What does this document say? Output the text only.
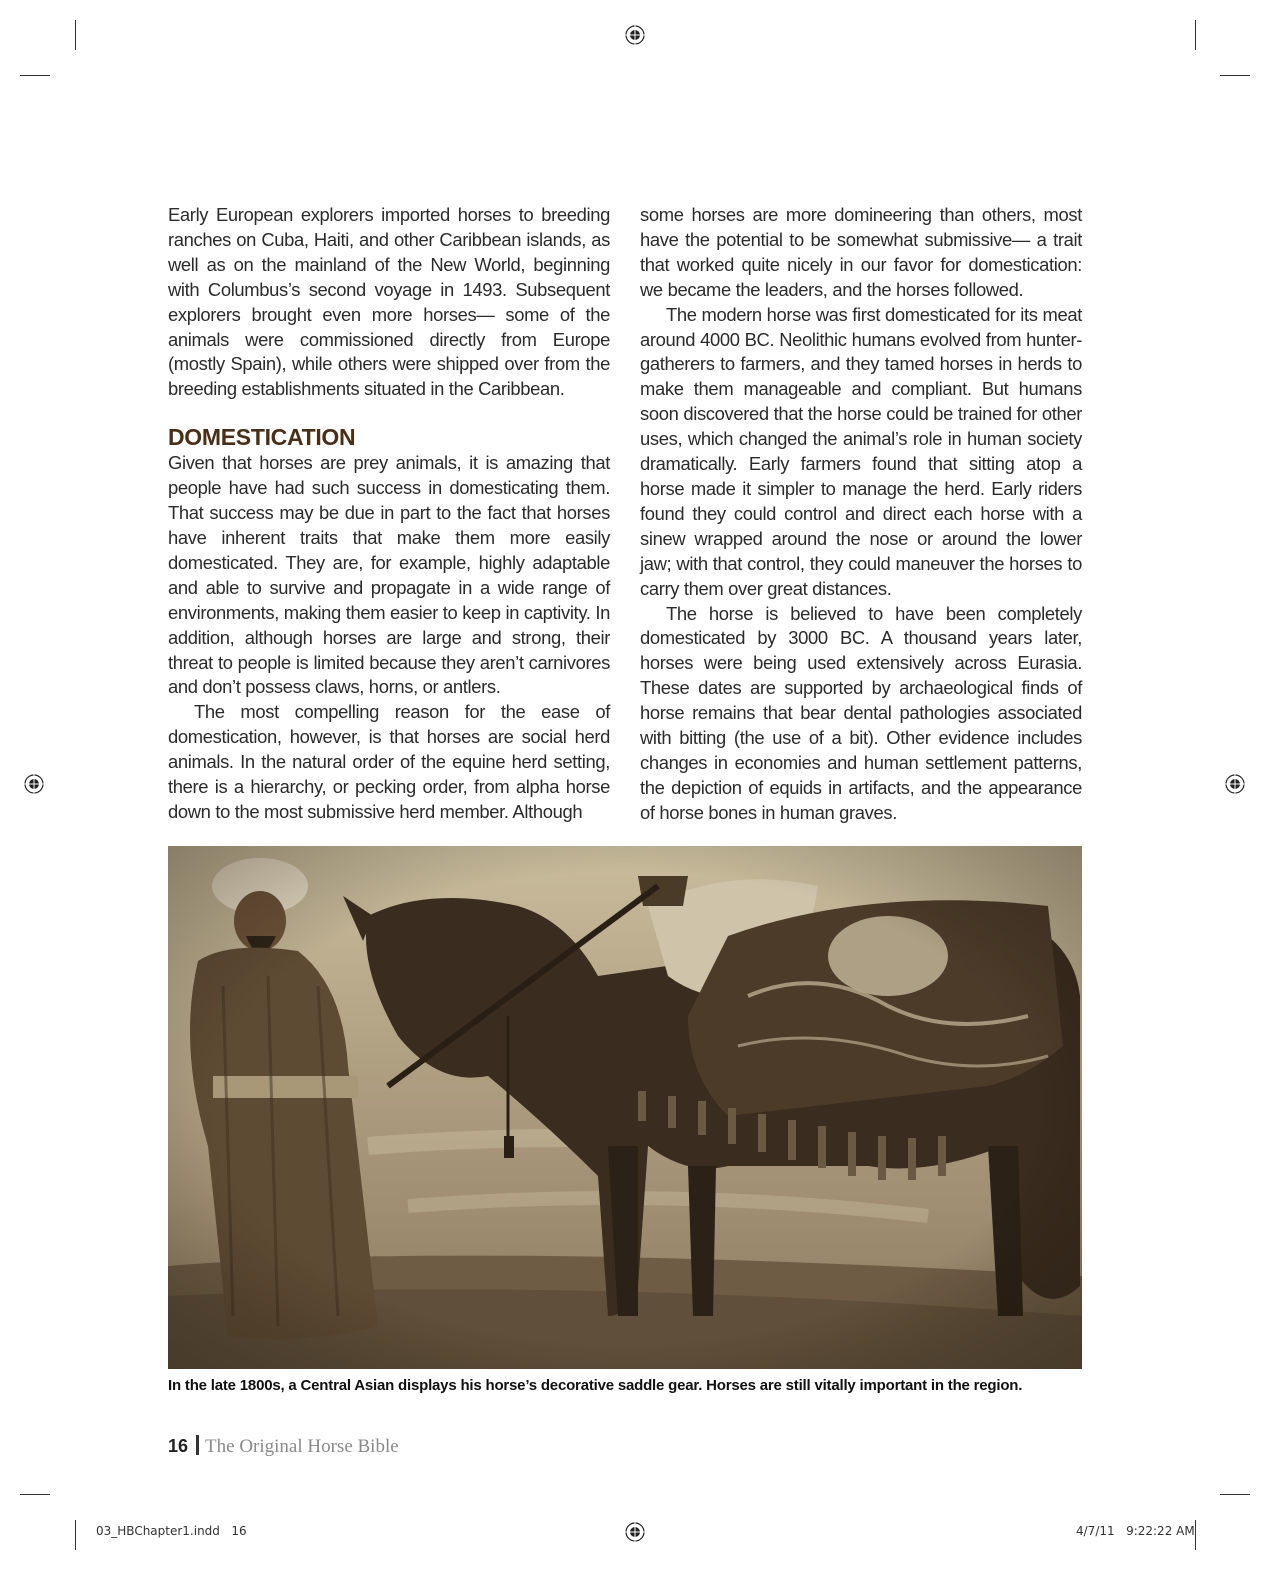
Early European explorers imported horses to breeding ranches on Cuba, Haiti, and other Caribbean islands, as well as on the mainland of the New World, beginning with Columbus’s second voyage in 1493. Subsequent explorers brought even more horses— some of the animals were commissioned directly from Europe (mostly Spain), while others were shipped over from the breeding establishments situated in the Caribbean.

DOMESTICATION

Given that horses are prey animals, it is amazing that people have had such success in domesticating them. That success may be due in part to the fact that horses have inherent traits that make them more easily domesticated. They are, for example, highly adaptable and able to survive and propagate in a wide range of environments, making them easier to keep in captivity. In addition, although horses are large and strong, their threat to people is limited because they aren’t carnivores and don’t possess claws, horns, or antlers.

The most compelling reason for the ease of domestication, however, is that horses are social herd animals. In the natural order of the equine herd setting, there is a hierarchy, or pecking order, from alpha horse down to the most submissive herd member. Although

some horses are more domineering than others, most have the potential to be somewhat submissive— a trait that worked quite nicely in our favor for domestication: we became the leaders, and the horses followed.

The modern horse was first domesticated for its meat around 4000 BC. Neolithic humans evolved from hunter-gatherers to farmers, and they tamed horses in herds to make them manageable and compliant. But humans soon discovered that the horse could be trained for other uses, which changed the animal’s role in human society dramatically. Early farmers found that sitting atop a horse made it simpler to manage the herd. Early riders found they could control and direct each horse with a sinew wrapped around the nose or around the lower jaw; with that control, they could maneuver the horses to carry them over great distances.

The horse is believed to have been completely domesticated by 3000 BC. A thousand years later, horses were being used extensively across Eurasia. These dates are supported by archaeological finds of horse remains that bear dental pathologies associated with bitting (the use of a bit). Other evidence includes changes in economies and human settlement patterns, the depiction of equids in artifacts, and the appearance of horse bones in human graves.

In the late 1800s, a Central Asian displays his horse’s decorative saddle gear. Horses are still vitally important in the region.
16 The Original Horse Bible
03_HBChapter1.indd   16	4/7/11   9:22:22 AM
